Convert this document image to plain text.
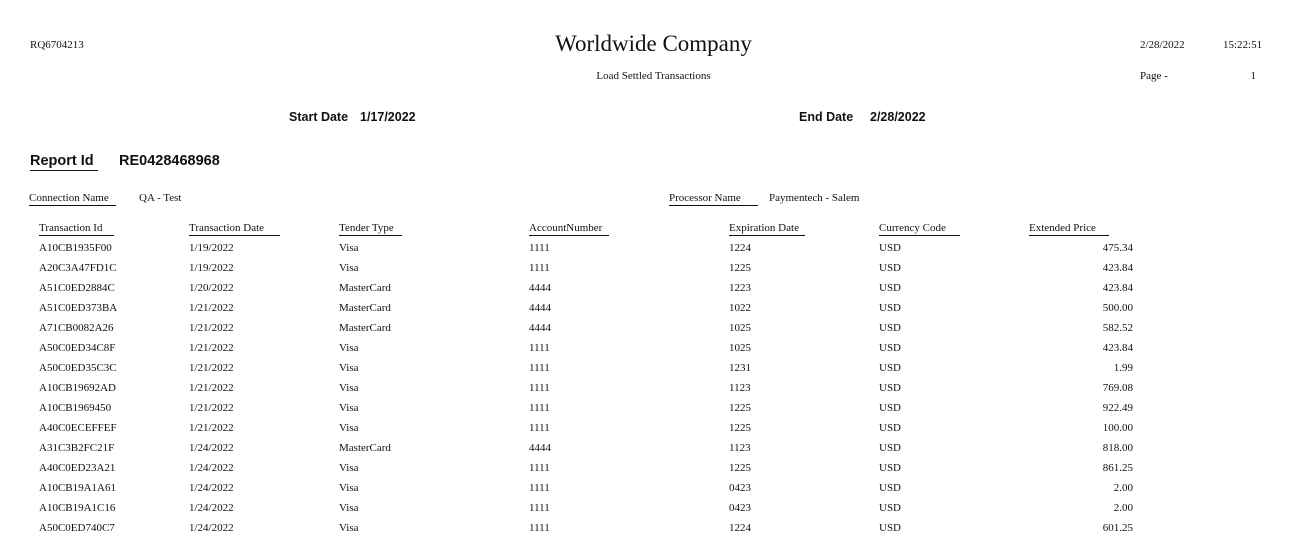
RQ6704213	Worldwide Company
Load Settled Transactions
2/28/2022	15:22:51
Page -	1
Start Date 1/17/2022	End Date 2/28/2022
Report Id	RE0428468968
Connection Name	QA - Test	Processor Name	Paymentech - Salem
Transaction Id	Transaction Date	Tender Type	AccountNumber	Expiration Date	Currency Code	Extended Price
A10CB1935F00	1/19/2022	Visa	1111	1224	USD	475.34
A20C3A47FD1C	1/19/2022	Visa	1111	1225	USD	423.84
A51C0ED2884C	1/20/2022	MasterCard	4444	1223	USD	423.84
A51C0ED373BA	1/21/2022	MasterCard	4444	1022	USD	500.00
A71CB0082A26	1/21/2022	MasterCard	4444	1025	USD	582.52
A50C0ED34C8F	1/21/2022	Visa	1111	1025	USD	423.84
A50C0ED35C3C	1/21/2022	Visa	1111	1231	USD	1.99
A10CB19692AD	1/21/2022	Visa	1111	1123	USD	769.08
A10CB1969450	1/21/2022	Visa	1111	1225	USD	922.49
A40C0ECEFFEF	1/21/2022	Visa	1111	1225	USD	100.00
A31C3B2FC21F	1/24/2022	MasterCard	4444	1123	USD	818.00
A40C0ED23A21	1/24/2022	Visa	1111	1225	USD	861.25
A10CB19A1A61	1/24/2022	Visa	1111	0423	USD	2.00
A10CB19A1C16	1/24/2022	Visa	1111	0423	USD	2.00
A50C0ED740C7	1/24/2022	Visa	1111	1224	USD	601.25
